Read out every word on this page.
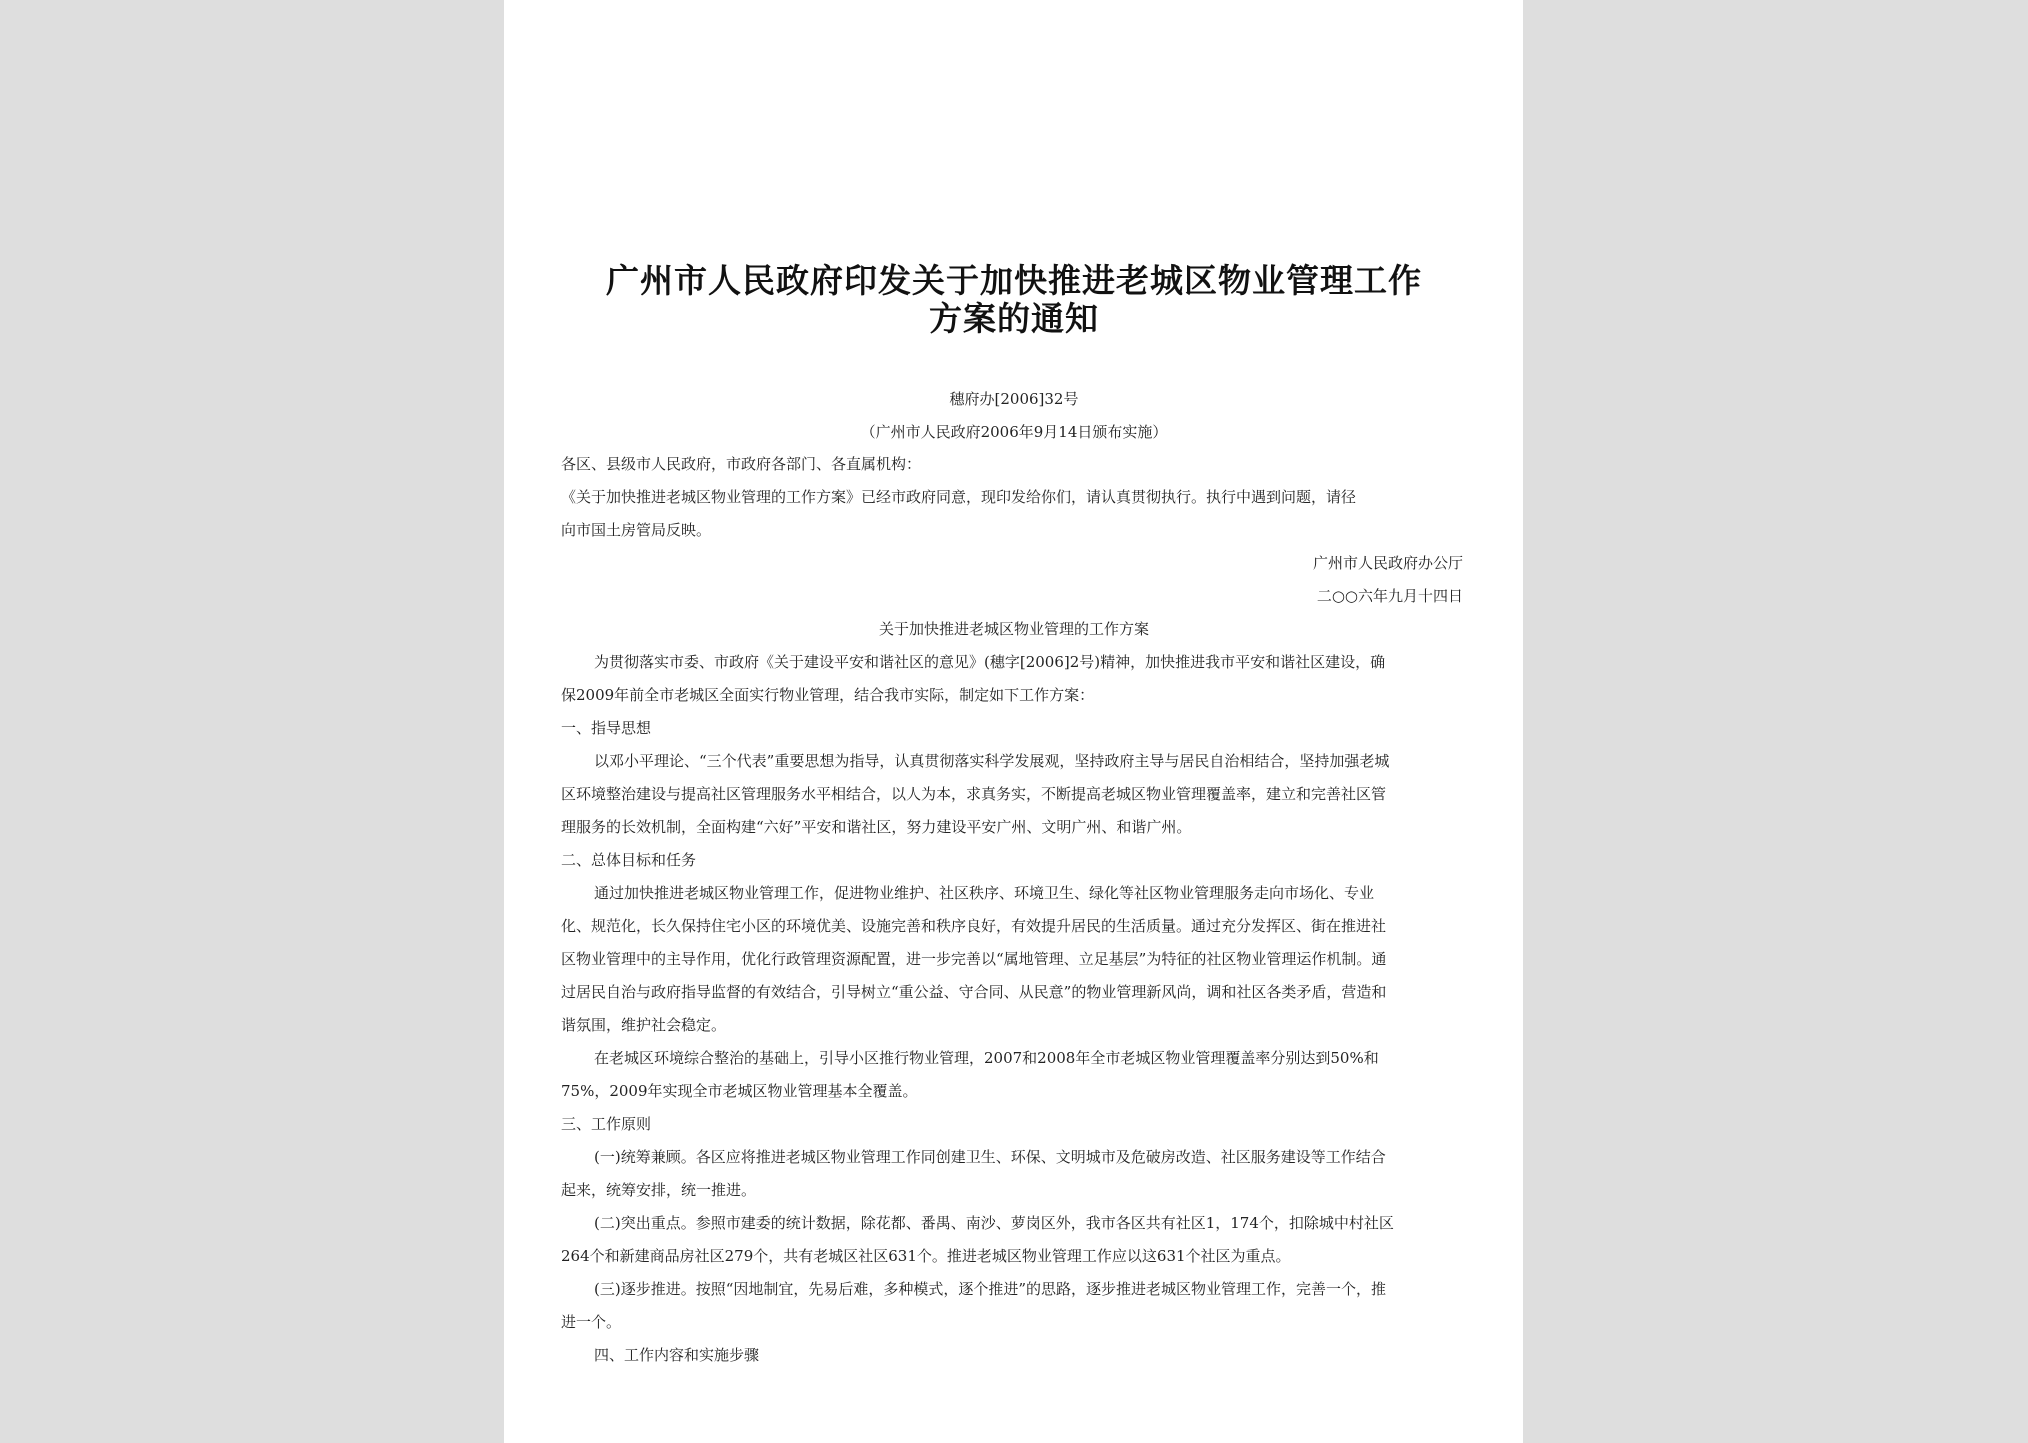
广州市人民政府印发关于加快推进老城区物业管理工作方案的通知
穗府办[2006]32号
（广州市人民政府2006年9月14日颁布实施）
各区、县级市人民政府，市政府各部门、各直属机构：
《关于加快推进老城区物业管理的工作方案》已经市政府同意，现印发给你们，请认真贯彻执行。执行中遇到问题，请径
向市国土房管局反映。
广州市人民政府办公厅
二○○六年九月十四日
关于加快推进老城区物业管理的工作方案
为贯彻落实市委、市政府《关于建设平安和谐社区的意见》(穗字[2006]2号)精神，加快推进我市平安和谐社区建设，确
保2009年前全市老城区全面实行物业管理，结合我市实际，制定如下工作方案：
一、指导思想
以邓小平理论、“三个代表”重要思想为指导，认真贯彻落实科学发展观，坚持政府主导与居民自治相结合，坚持加强老城
区环境整治建设与提高社区管理服务水平相结合，以人为本，求真务实，不断提高老城区物业管理覆盖率，建立和完善社区管
理服务的长效机制，全面构建“六好”平安和谐社区，努力建设平安广州、文明广州、和谐广州。
二、总体目标和任务
通过加快推进老城区物业管理工作，促进物业维护、社区秩序、环境卫生、绿化等社区物业管理服务走向市场化、专业
化、规范化，长久保持住宅小区的环境优美、设施完善和秩序良好，有效提升居民的生活质量。通过充分发挥区、街在推进社
区物业管理中的主导作用，优化行政管理资源配置，进一步完善以“属地管理、立足基层”为特征的社区物业管理运作机制。通
过居民自治与政府指导监督的有效结合，引导树立“重公益、守合同、从民意”的物业管理新风尚，调和社区各类矛盾，营造和
谐氛围，维护社会稳定。
在老城区环境综合整治的基础上，引导小区推行物业管理，2007和2008年全市老城区物业管理覆盖率分别达到50%和
75%，2009年实现全市老城区物业管理基本全覆盖。
三、工作原则
(一)统筹兼顾。各区应将推进老城区物业管理工作同创建卫生、环保、文明城市及危破房改造、社区服务建设等工作结合
起来，统筹安排，统一推进。
(二)突出重点。参照市建委的统计数据，除花都、番禺、南沙、萝岗区外，我市各区共有社区1，174个，扣除城中村社区
264个和新建商品房社区279个，共有老城区社区631个。推进老城区物业管理工作应以这631个社区为重点。
(三)逐步推进。按照“因地制宜，先易后难，多种模式，逐个推进”的思路，逐步推进老城区物业管理工作，完善一个，推
进一个。
四、工作内容和实施步骤
